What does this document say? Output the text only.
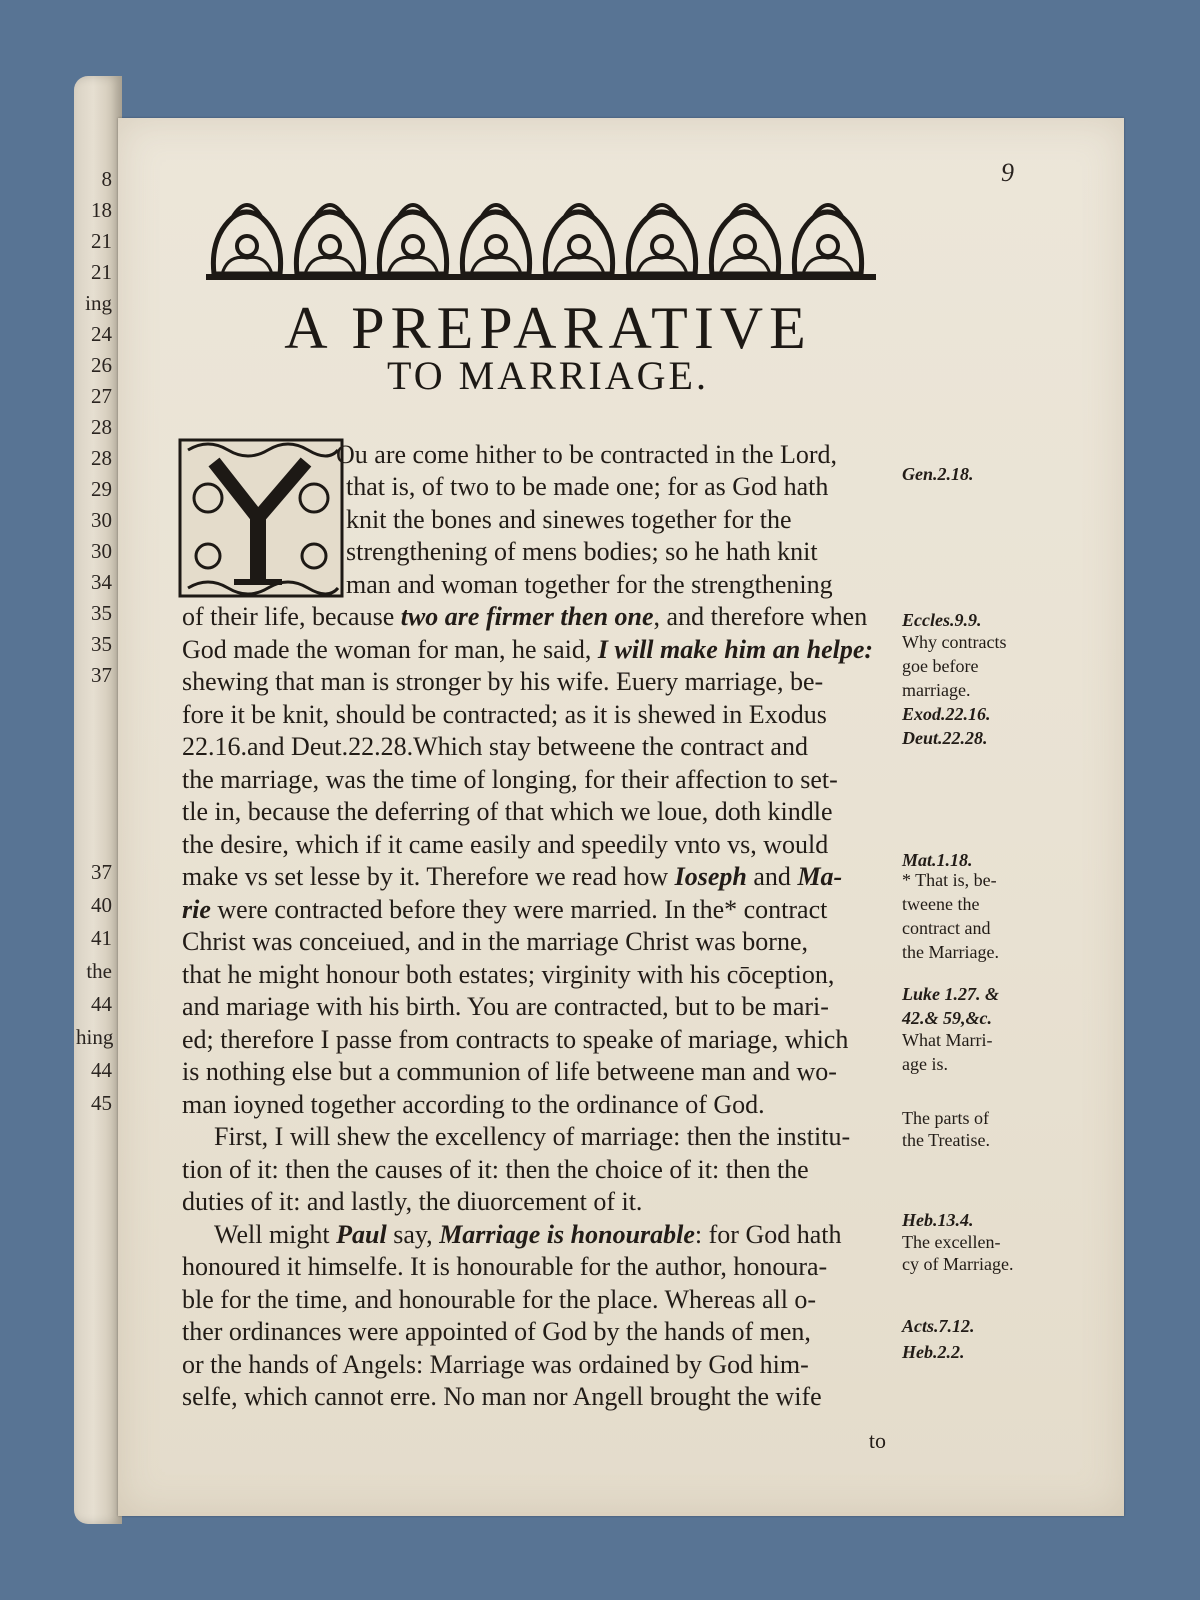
8
18
21
21
ing
24
26
27
28
28
29
30
30
34
35
35
37
37
40
41
the
44
hing
44
45
9
A PREPARATIVE
TO MARRIAGE.
Ou are come hither to be contracted in the Lord,
that is, of two to be made one; for as God hath
knit the bones and sinewes together for the
strengthening of mens bodies; so he hath knit
man and woman together for the strengthening
of their life, because two are firmer then one, and therefore when
God made the woman for man, he said, I will make him an helpe:
shewing that man is stronger by his wife. Euery marriage, be-
fore it be knit, should be contracted; as it is shewed in Exodus
22.16.and Deut.22.28.Which stay betweene the contract and
the marriage, was the time of longing, for their affection to set-
tle in, because the deferring of that which we loue, doth kindle
the desire, which if it came easily and speedily vnto vs, would
make vs set lesse by it. Therefore we read how Ioseph and Ma-
rie were contracted before they were married. In the* contract
Christ was conceiued, and in the marriage Christ was borne,
that he might honour both estates; virginity with his cōception,
and mariage with his birth. You are contracted, but to be mari-
ed; therefore I passe from contracts to speake of mariage, which
is nothing else but a communion of life betweene man and wo-
man ioyned together according to the ordinance of God.
First, I will shew the excellency of marriage: then the institu-
tion of it: then the causes of it: then the choice of it: then the
duties of it: and lastly, the diuorcement of it.
Well might Paul say, Marriage is honourable: for God hath
honoured it himselfe. It is honourable for the author, honoura-
ble for the time, and honourable for the place. Whereas all o-
ther ordinances were appointed of God by the hands of men,
or the hands of Angels: Marriage was ordained by God him-
selfe, which cannot erre. No man nor Angell brought the wife
Gen.2.18.
Eccles.9.9.
Why contracts
goe before
marriage.
Exod.22.16.
Deut.22.28.
Mat.1.18.
* That is, be-
tweene the
contract and
the Marriage.
Luke 1.27. &
42.& 59,&c.
What Marri-
age is.
The parts of
the Treatise.
Heb.13.4.
The excellen-
cy of Marriage.
Acts.7.12.
Heb.2.2.
to
